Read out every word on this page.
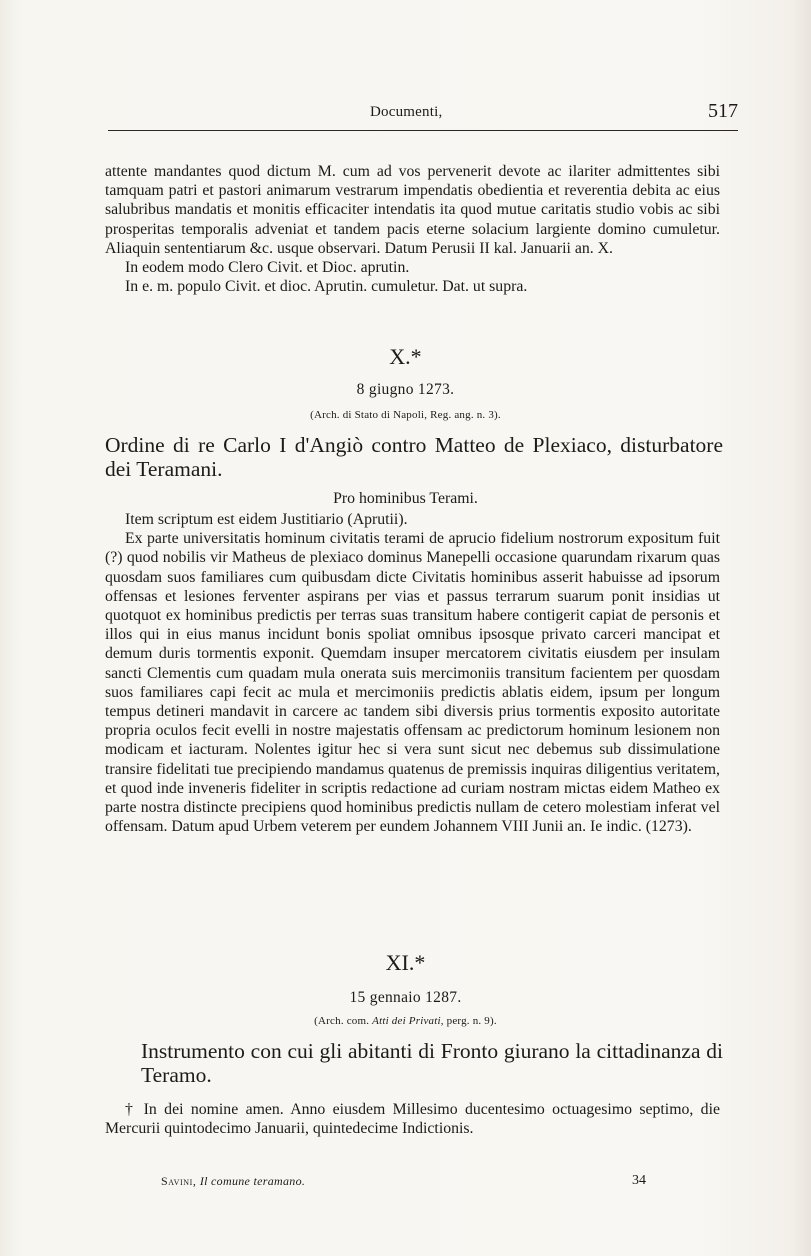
Documenti,	517

attente mandantes quod dictum M. cum ad vos pervenerit devote ac ilariter admittentes sibi tamquam patri et pastori animarum vestrarum impendatis obedientia et reverentia debita ac eius salubribus mandatis et monitis efficaciter intendatis ita quod mutue caritatis studio vobis ac sibi prosperitas temporalis adveniat et tandem pacis eterne solacium largiente domino cumuletur. Aliaquin sententiarum &c. usque observari. Datum Perusii II kal. Januarii an. X.

In eodem modo Clero Civit. et Dioc. aprutin.

In e. m. populo Civit. et dioc. Aprutin. cumuletur. Dat. ut supra.

X.*
8 giugno 1273.
(Arch. di Stato di Napoli, Reg. ang. n. 3).
Ordine di re Carlo I d'Angiò contro Matteo de Plexiaco, disturbatore dei Teramani.
Pro hominibus Terami.

Item scriptum est eidem Justitiario (Aprutii).

Ex parte universitatis hominum civitatis terami de aprucio fidelium nostrorum expositum fuit (?) quod nobilis vir Matheus de plexiaco dominus Manepelli occasione quarundam rixarum quas quosdam suos familiares cum quibusdam dicte Civitatis hominibus asserit habuisse ad ipsorum offensas et lesiones ferventer aspirans per vias et passus terrarum suarum ponit insidias ut quotquot ex hominibus predictis per terras suas transitum habere contigerit capiat de personis et illos qui in eius manus incidunt bonis spoliat omnibus ipsosque privato carceri mancipat et demum duris tormentis exponit. Quemdam insuper mercatorem civitatis eiusdem per insulam sancti Clementis cum quadam mula onerata suis mercimoniis transitum facientem per quosdam suos familiares capi fecit ac mula et mercimoniis predictis ablatis eidem, ipsum per longum tempus detineri mandavit in carcere ac tandem sibi diversis prius tormentis exposito autoritate propria oculos fecit evelli in nostre majestatis offensam ac predictorum hominum lesionem non modicam et iacturam. Nolentes igitur hec si vera sunt sicut nec debemus sub dissimulatione transire fidelitati tue precipiendo mandamus quatenus de premissis inquiras diligentius veritatem, et quod inde inveneris fideliter in scriptis redactione ad curiam nostram mictas eidem Matheo ex parte nostra distincte precipiens quod hominibus predictis nullam de cetero molestiam inferat vel offensam. Datum apud Urbem veterem per eundem Johannem VIII Junii an. Ie indic. (1273).

XI.*
15 gennaio 1287.
(Arch. com. Atti dei Privati, perg. n. 9).
Instrumento con cui gli abitanti di Fronto giurano la cittadinanza di Teramo.

† In dei nomine amen. Anno eiusdem Millesimo ducentesimo octuagesimo septimo, die Mercurii quintodecimo Januarii, quintedecime Indictionis.

Savini, Il comune teramano.	34
